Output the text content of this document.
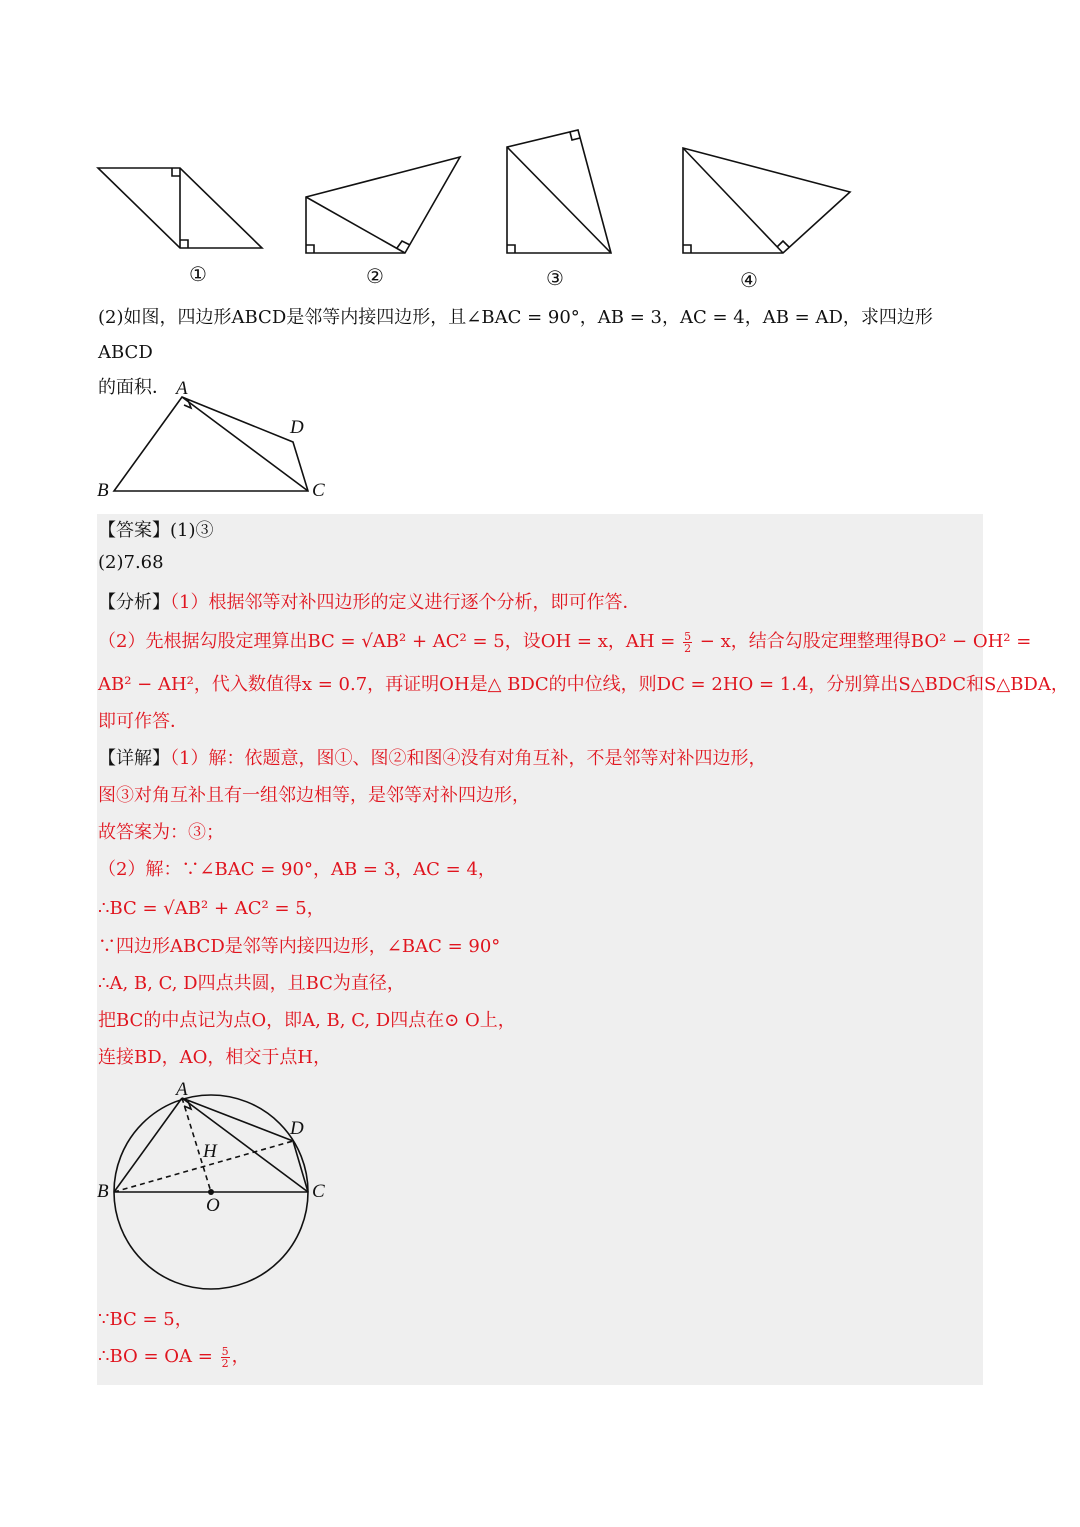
①	②	③	④
(2)如图，四边形ABCD是邻等内接四边形，且∠BAC = 90°，AB = 3，AC = 4，AB = AD，求四边形ABCD
的面积． A
B	C
D
【答案】(1)③
(2)7.68
【分析】（1）根据邻等对补四边形的定义进行逐个分析，即可作答．
（2）先根据勾股定理算出BC = √AB² + AC² = 5，设OH = x，AH = $\frac{5}{2} - x$，结合勾股定理整理得BO² − OH² =
AB² − AH²，代入数值得x = 0.7，再证明OH是△ BDC的中位线，则DC = 2HO = 1.4，分别算出S△BDC和S△BDA，
即可作答．
【详解】（1）解：依题意，图①、图②和图④没有对角互补，不是邻等对补四边形，
图③对角互补且有一组邻边相等，是邻等对补四边形，
故答案为：③；
（2）解：∵∠BAC = 90°，AB = 3，AC = 4，
∴BC = √AB² + AC² = 5，
∵四边形ABCD是邻等内接四边形，∠BAC = 90°
∴A, B, C, D四点共圆，且BC为直径，
把BC的中点记为点O，即A, B, C, D四点在⊙ O上，
连接BD，AO，相交于点H，
A
B	C
D
H
O
∵BC = 5，
∴BO = OA = $\frac{5}{2}$ ，
